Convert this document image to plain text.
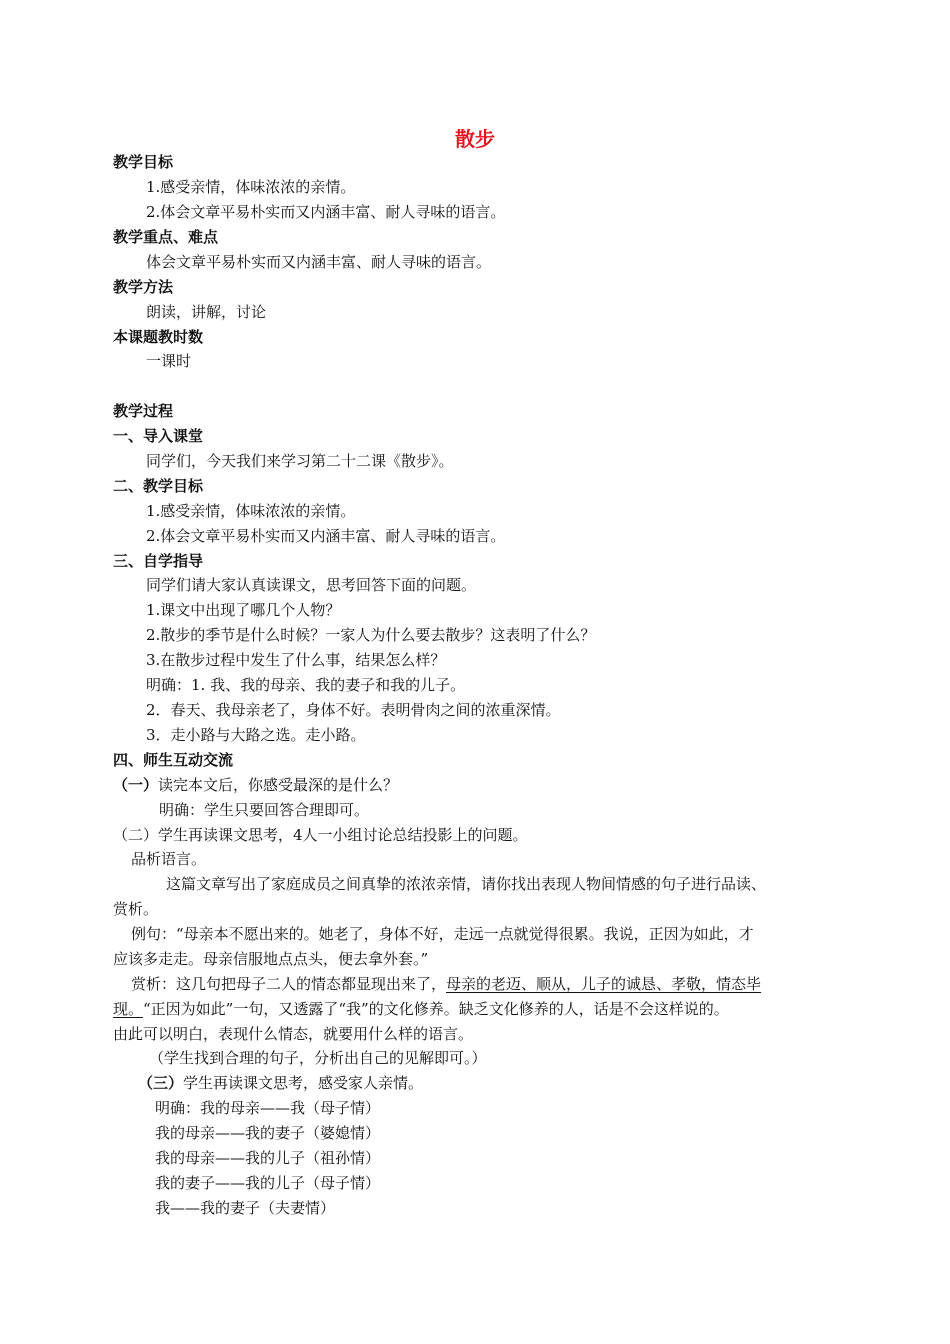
散步
教学目标
1.感受亲情，体味浓浓的亲情。
2.体会文章平易朴实而又内涵丰富、耐人寻味的语言。
教学重点、难点
体会文章平易朴实而又内涵丰富、耐人寻味的语言。
教学方法
朗读，讲解，讨论
本课题教时数
一课时
教学过程
一、导入课堂
同学们，今天我们来学习第二十二课《散步》。
二、教学目标
1.感受亲情，体味浓浓的亲情。
2.体会文章平易朴实而又内涵丰富、耐人寻味的语言。
三、自学指导
同学们请大家认真读课文，思考回答下面的问题。
1.课文中出现了哪几个人物？
2.散步的季节是什么时候？一家人为什么要去散步？这表明了什么？
3.在散步过程中发生了什么事，结果怎么样？
明确：1. 我、我的母亲、我的妻子和我的儿子。
2．春天、我母亲老了，身体不好。表明骨肉之间的浓重深情。
3．走小路与大路之选。走小路。
四、师生互动交流
（一）读完本文后，你感受最深的是什么？
明确：学生只要回答合理即可。
（二）学生再读课文思考，4人一小组讨论总结投影上的问题。
品析语言。
这篇文章写出了家庭成员之间真挚的浓浓亲情，请你找出表现人物间情感的句子进行品读、
赏析。
例句：“母亲本不愿出来的。她老了，身体不好，走远一点就觉得很累。我说，正因为如此，才
应该多走走。母亲信服地点点头，便去拿外套。”
赏析：这几句把母子二人的情态都显现出来了，母亲的老迈、顺从，儿子的诚恳、孝敬，情态毕
现。“正因为如此”一句，又透露了“我”的文化修养。缺乏文化修养的人，话是不会这样说的。
由此可以明白，表现什么情态，就要用什么样的语言。
（学生找到合理的句子，分析出自己的见解即可。）
（三）学生再读课文思考，感受家人亲情。
明确：我的母亲——我（母子情）
我的母亲——我的妻子（婆媳情）
我的母亲——我的儿子（祖孙情）
我的妻子——我的儿子（母子情）
我——我的妻子（夫妻情）
